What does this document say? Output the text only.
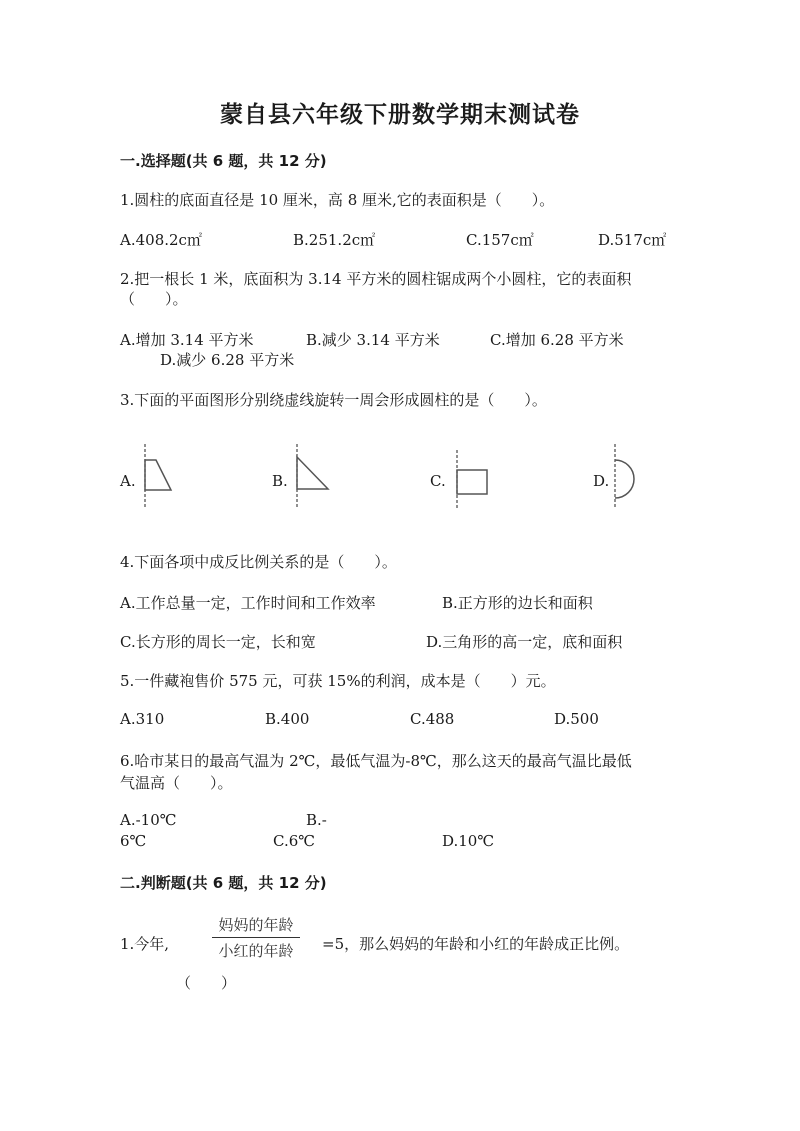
蒙自县六年级下册数学期末测试卷
一.选择题(共 6 题，共 12 分)
1.圆柱的底面直径是 10 厘米，高 8 厘米,它的表面积是（　　）。
A.408.2c㎡	B.251.2c㎡	C.157c㎡	D.517c㎡
2.把一根长 1 米，底面积为 3.14 平方米的圆柱锯成两个小圆柱，它的表面积
（　　）。
A.增加 3.14 平方米	B.减少 3.14 平方米	C.增加 6.28 平方米
D.减少 6.28 平方米
3.下面的平面图形分别绕虚线旋转一周会形成圆柱的是（　　）。
A.	B.	C.	D.
4.下面各项中成反比例关系的是（　　）。
A.工作总量一定，工作时间和工作效率	B.正方形的边长和面积
C.长方形的周长一定，长和宽	D.三角形的高一定，底和面积
5.一件藏袍售价 575 元，可获 15%的利润，成本是（　　）元。
A.310	B.400	C.488	D.500
6.哈市某日的最高气温为 2℃，最低气温为-8℃，那么这天的最高气温比最低
气温高（　　）。
A.-10℃	B.-
6℃	C.6℃	D.10℃
二.判断题(共 6 题，共 12 分)
1.今年,
妈妈的年龄
小红的年龄	=5，那么妈妈的年龄和小红的年龄成正比例。
（　　）
